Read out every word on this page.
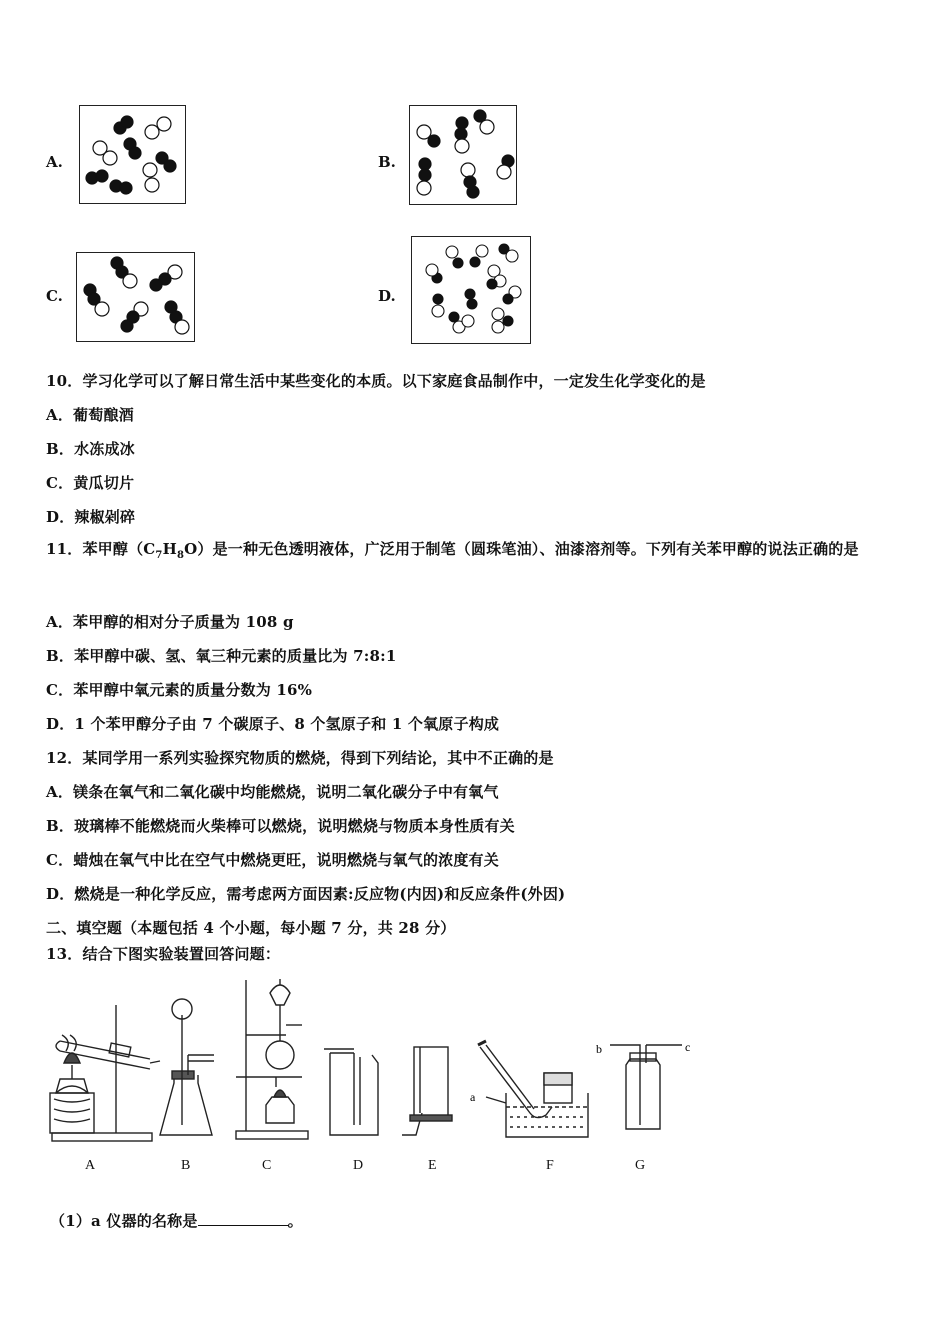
A.	B.
C.	D.
10．学习化学可以了解日常生活中某些变化的本质。以下家庭食品制作中，一定发生化学变化的是
A．葡萄酿酒
B．水冻成冰
C．黄瓜切片
D．辣椒剁碎
11．苯甲醇$(C_7H_8O)$是一种无色透明液体，广泛用于制笔（圆珠笔油）、油漆溶剂等。下列有关苯甲醇的说法正确的是
A．苯甲醇的相对分子质量为 108 g
B．苯甲醇中碳、氢、氧三种元素的质量比为 7:8:1
C．苯甲醇中氧元素的质量分数为 16%
D．1 个苯甲醇分子由 7 个碳原子、8 个氢原子和 1 个氧原子构成
12．某同学用一系列实验探究物质的燃烧，得到下列结论，其中不正确的是
A．镁条在氧气和二氧化碳中均能燃烧，说明二氧化碳分子中有氧气
B．玻璃棒不能燃烧而火柴棒可以燃烧，说明燃烧与物质本身性质有关
C．蜡烛在氧气中比在空气中燃烧更旺，说明燃烧与氧气的浓度有关
D．燃烧是一种化学反应，需考虑两方面因素:反应物(内因)和反应条件(外因)
二、填空题（本题包括 4 个小题，每小题 7 分，共 28 分）
13．结合下图实验装置回答问题：
a
b	c
A	B	C	D	E	F	G
（1）a 仪器的名称是	。
